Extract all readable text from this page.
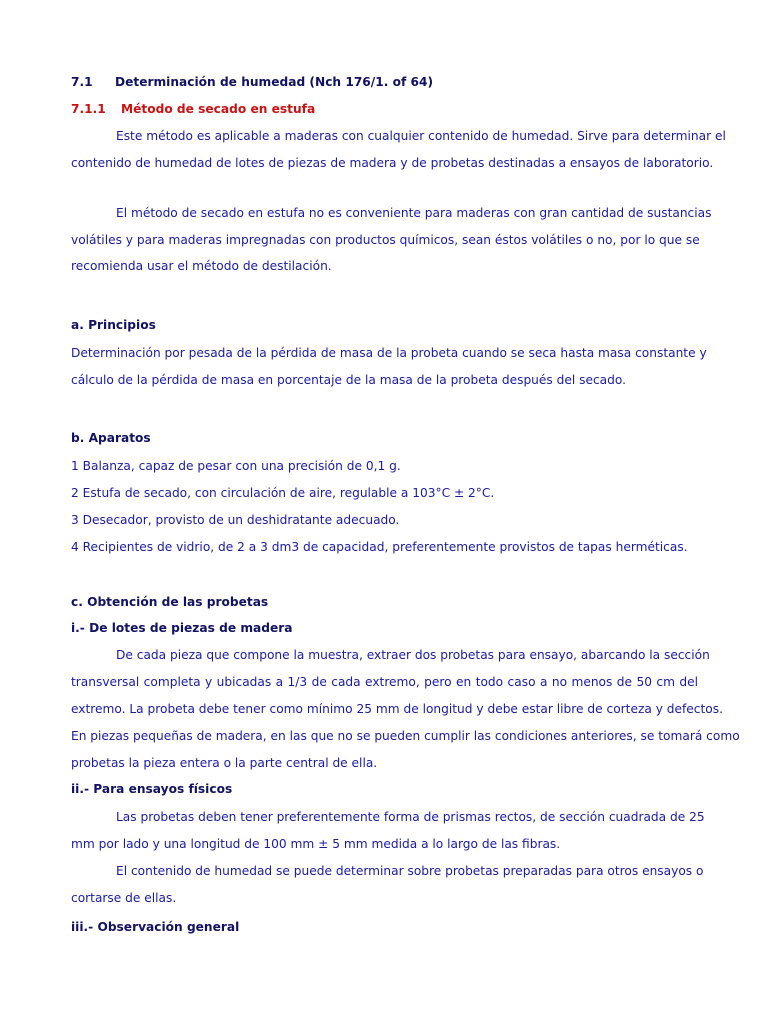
7.1 Determinación de humedad (Nch 176/1. of 64)
7.1.1 Método de secado en estufa
Este método es aplicable a maderas con cualquier contenido de humedad. Sirve para determinar el
contenido de humedad de lotes de piezas de madera y de probetas destinadas a ensayos de laboratorio.
El método de secado en estufa no es conveniente para maderas con gran cantidad de sustancias
volátiles y para maderas impregnadas con productos químicos, sean éstos volátiles o no, por lo que se
recomienda usar el método de destilación.
a. Principios
Determinación por pesada de la pérdida de masa de la probeta cuando se seca hasta masa constante y
cálculo de la pérdida de masa en porcentaje de la masa de la probeta después del secado.
b. Aparatos
1 Balanza, capaz de pesar con una precisión de 0,1 g.
2 Estufa de secado, con circulación de aire, regulable a 103°C ± 2°C.
3 Desecador, provisto de un deshidratante adecuado.
4 Recipientes de vidrio, de 2 a 3 dm3 de capacidad, preferentemente provistos de tapas herméticas.
c. Obtención de las probetas
i.- De lotes de piezas de madera
De cada pieza que compone la muestra, extraer dos probetas para ensayo, abarcando la sección
transversal completa y ubicadas a 1/3 de cada extremo, pero en todo caso a no menos de 50 cm del
extremo. La probeta debe tener como mínimo 25 mm de longitud y debe estar libre de corteza y defectos.
En piezas pequeñas de madera, en las que no se pueden cumplir las condiciones anteriores, se tomará como
probetas la pieza entera o la parte central de ella.
ii.- Para ensayos físicos
Las probetas deben tener preferentemente forma de prismas rectos, de sección cuadrada de 25
mm por lado y una longitud de 100 mm ± 5 mm medida a lo largo de las fibras.
El contenido de humedad se puede determinar sobre probetas preparadas para otros ensayos o
cortarse de ellas.
iii.- Observación general
